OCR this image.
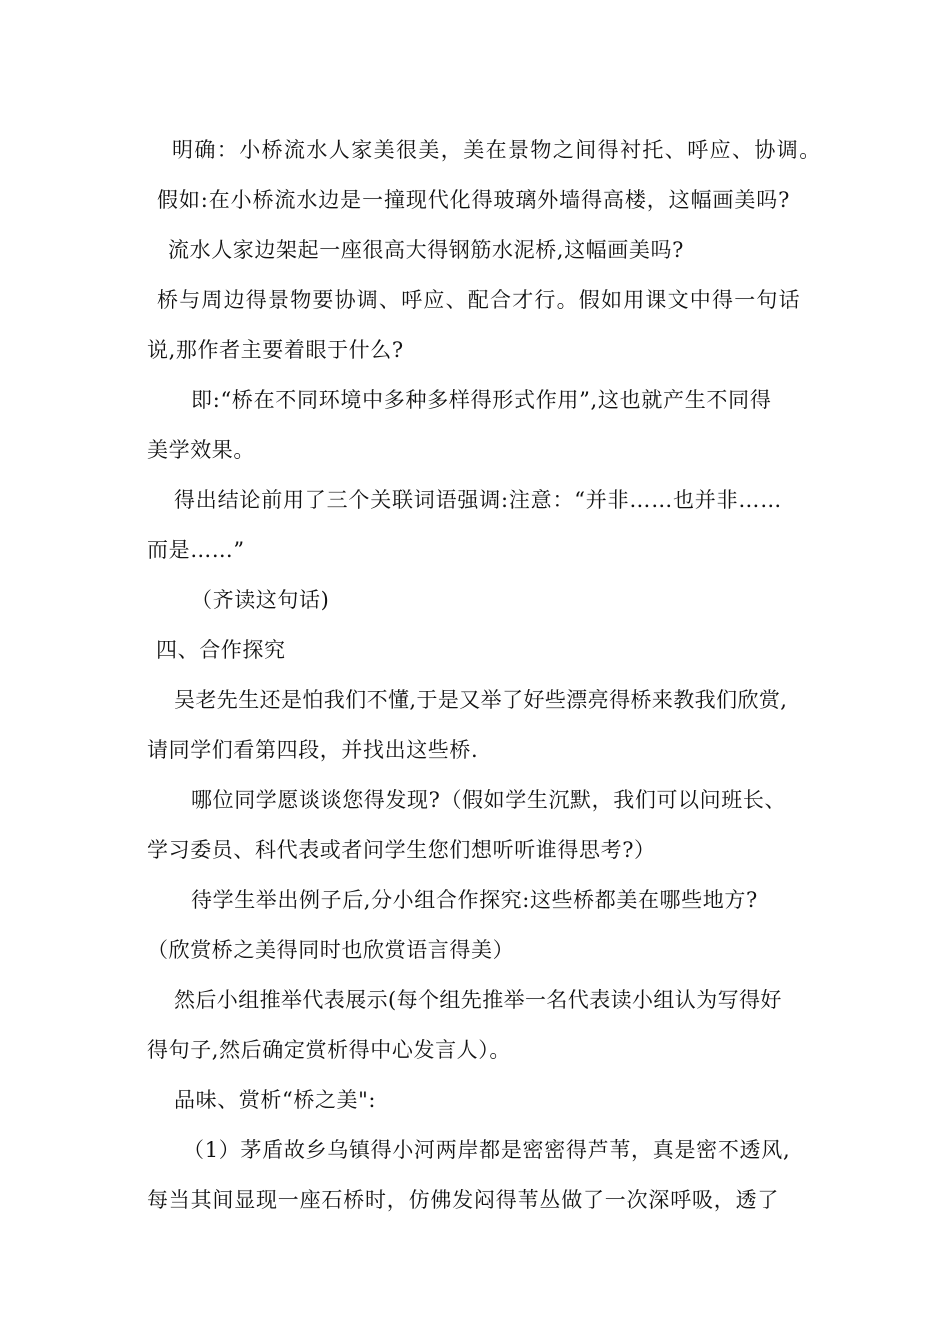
明确：小桥流水人家美很美，美在景物之间得衬托、呼应、协调。
假如:在小桥流水边是一撞现代化得玻璃外墙得高楼，这幅画美吗?
流水人家边架起一座很高大得钢筋水泥桥,这幅画美吗?
桥与周边得景物要协调、呼应、配合才行。假如用课文中得一句话
说,那作者主要着眼于什么?
即:“桥在不同环境中多种多样得形式作用”,这也就产生不同得
美学效果。
得出结论前用了三个关联词语强调:注意：“并非……也并非……
而是……”
（齐读这句话)
四、合作探究
吴老先生还是怕我们不懂,于是又举了好些漂亮得桥来教我们欣赏,
请同学们看第四段，并找出这些桥.
哪位同学愿谈谈您得发现?（假如学生沉默，我们可以问班长、
学习委员、科代表或者问学生您们想听听谁得思考?）
待学生举出例子后,分小组合作探究:这些桥都美在哪些地方?
（欣赏桥之美得同时也欣赏语言得美）
然后小组推举代表展示(每个组先推举一名代表读小组认为写得好
得句子,然后确定赏析得中心发言人）。
品味、赏析“桥之美":
（1）茅盾故乡乌镇得小河两岸都是密密得芦苇，真是密不透风,
每当其间显现一座石桥时，仿佛发闷得苇丛做了一次深呼吸，透了
